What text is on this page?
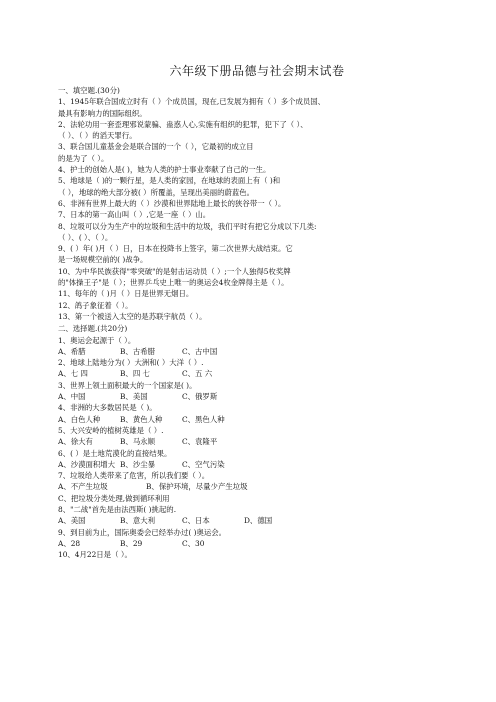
六年级下册品德与社会期末试卷
一、填空题.(30分)
1、1945年联合国成立时有（ ）个成员国，现在,已发展为拥有（ ）多个成员国、
最具有影响力的国际组织。
2、法轮功用一套歪理邪说蒙骗、蛊惑人心,实施有组织的犯罪，犯下了（ ）、
（ ）、（ ）的滔天罪行。
3、联合国儿童基金会是联合国的一个（ ），它最初的成立目
的是为了（ ）。
4、护士的创始人是( )，她为人类的护士事业奉献了自己的一生。
5、地球是（ )的一颗行星，是人类的家园，在地球的表面上有（ )和
（ ），地球的绝大部分被( ）所覆盖，呈现出美丽的蔚蓝色。
6、非洲有世界上最大的（ ）沙漠和世界陆地上最长的狭谷带一（ ）。
7、日本的第一高山叫（ ）,它是一座（ ）山。
8、垃圾可以分为生产中的垃圾和生活中的垃圾，我们平时有把它分成以下几类:
（ ）、( ）、（ ）。
9、( ）年( )月（ ）日，日本在投降书上签字，第二次世界大战结束。它
是一场规模空前的( )战争。
10、为中华民族获得"零突破"的是射击运动员（ ）;一个人独得5枚奖牌
的"体操王子"是（ ）；世界乒乓史上唯一的奥运会4枚金牌得主是（ ）。
11、每年的（ )月（ ）日是世界无烟日。
12、鸽子象征着（ ）。
13、第一个被送入太空的是苏联宇航员（ ）。
二、选择题.(共20分)
1、奥运会起源于（ ）。
A、希腊	B、古希腊	C、古中国
2、地球上陆地分为( ）大洲和( ）大洋（ ）.
A、七 四	B、四 七	C、五 六
3、世界上领土面积最大的一个国家是( )。
A、中国	B、美国	C、俄罗斯
4、非洲的大多数居民是（ )。
A、白色人种	B、黄色人种	C、黑色人种
5、大兴安岭的植树英雄是（ ）.
A、徐大有	B、马永顺	C、袁隆平
6、( ）是土地荒漠化的直接结果。
A、沙漠面积增大 B、沙尘暴	C、空气污染
7、垃圾给人类带来了危害，所以我们要（ ）。
A、不产生垃圾	B、保护环境，尽量少产生垃圾
C、把垃圾分类处理,做到循环利用
8、"二战"首先是由法西斯( )挑起的.
A、美国	B、意大利	C、日本	D、德国
9、到目前为止，国际奥委会已经举办过( )奥运会。
A、28	B、29	C、30
10、4月22日是（ ）。
